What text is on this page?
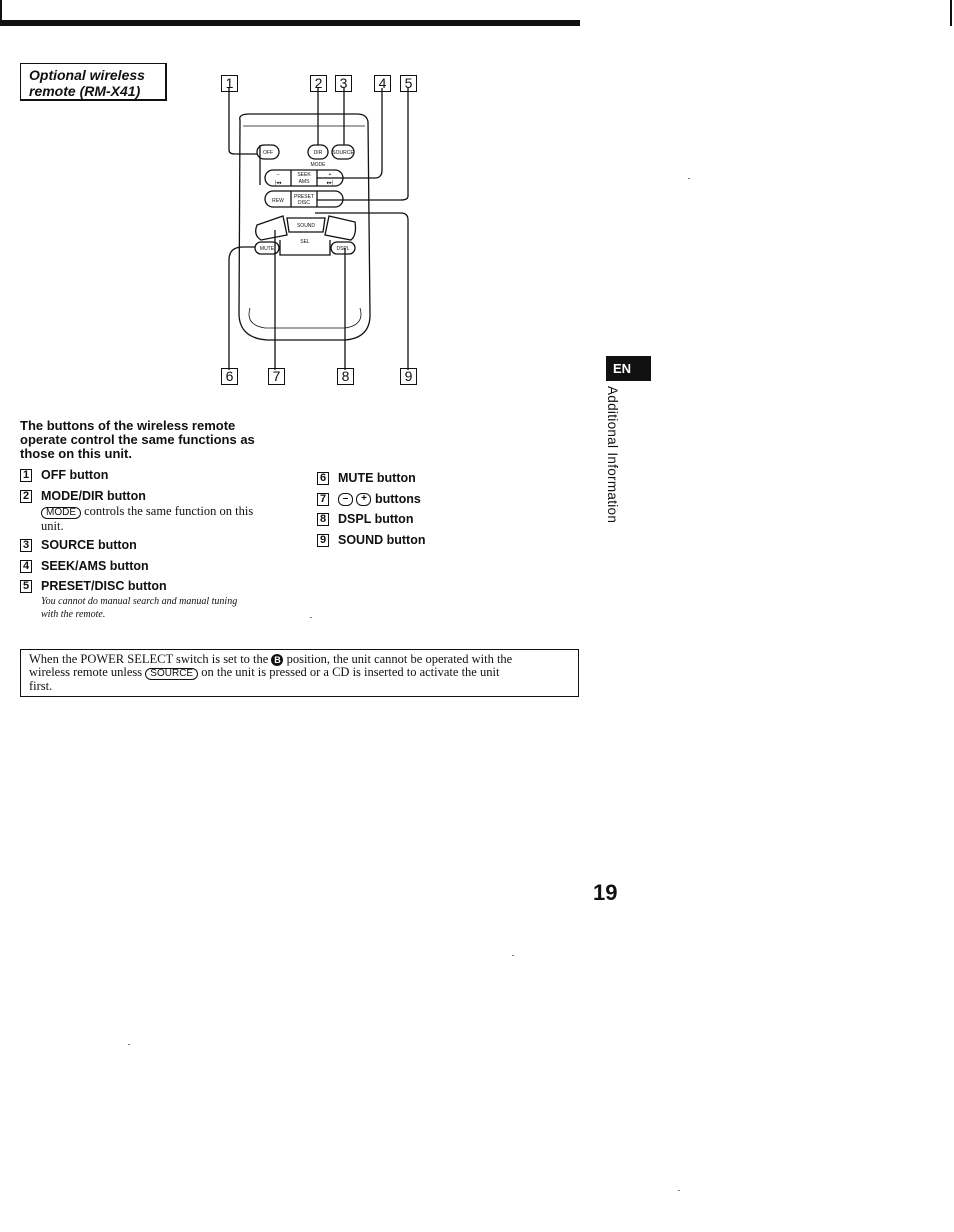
Optional wireless
remote (RM-X41)
OFF	DIR SOURCE
MODE
–
|◂◂
SEEK
AMS
+
▸▸|
REW
PRESET
DISC
SOUND
SEL
MUTE	DSPL
1	2	3	4	5
6	7	8	9
The buttons of the wireless remote operate control the same functions as those on this unit.
1 OFF button
2 MODE/DIR button
MODE controls the same function on this
unit.
3 SOURCE button
4 SEEK/AMS button
5 PRESET/DISC button
You cannot do manual search and manual tuning
with the remote.
6 MUTE button
7	– + buttons
8 DSPL button
9 SOUND button
When the POWER SELECT switch is set to the B position, the unit cannot be operated with the
wireless remote unless SOURCE on the unit is pressed or a CD is inserted to activate the unit
first.
EN
Additional Information
19
